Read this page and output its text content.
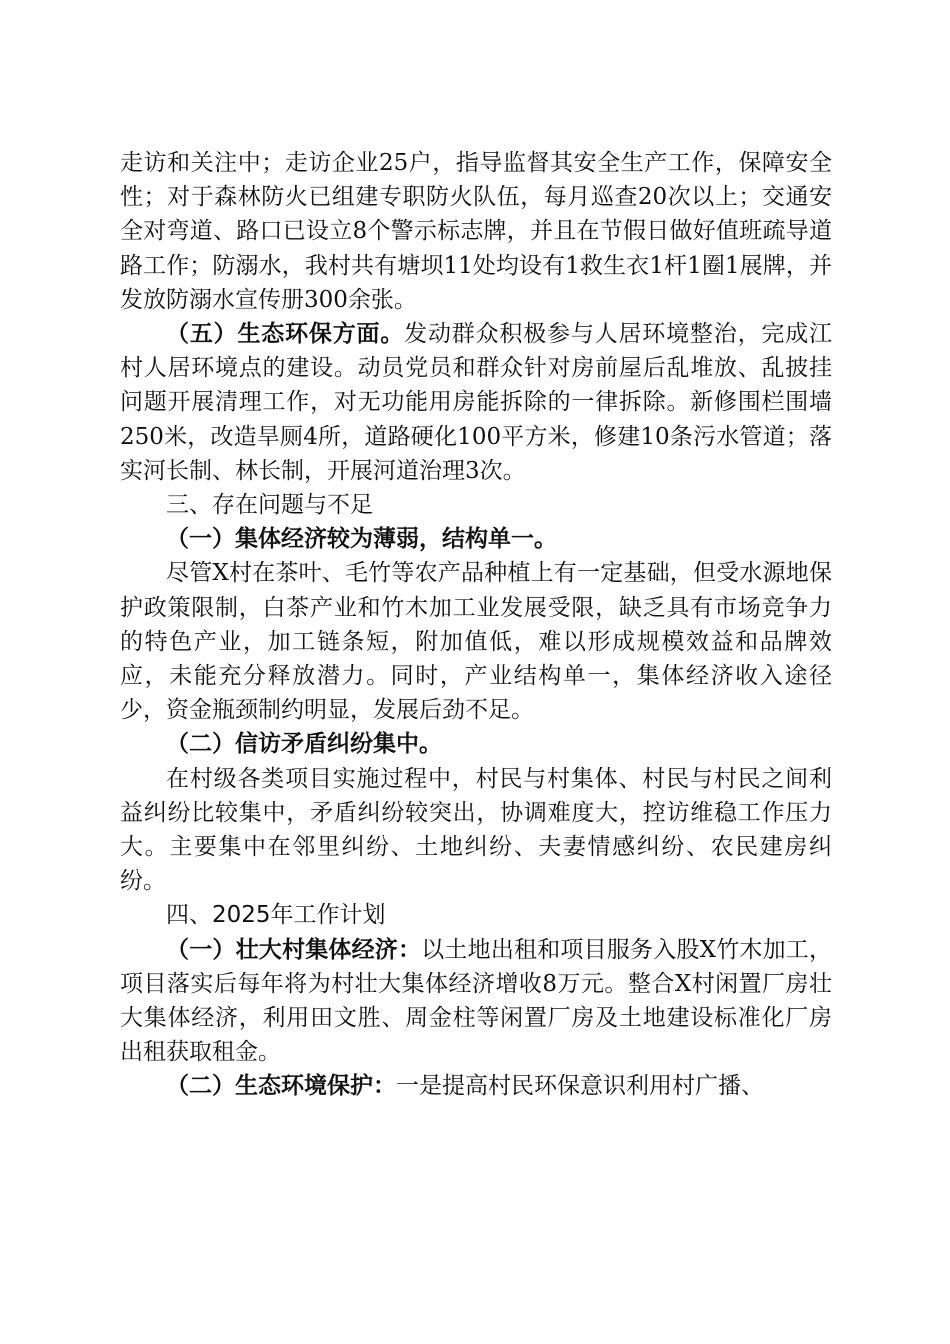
走访和关注中；走访企业25户，指导监督其安全生产工作，保障安全性；对于森林防火已组建专职防火队伍，每月巡查20次以上；交通安全对弯道、路口已设立8个警示标志牌，并且在节假日做好值班疏导道路工作；防溺水，我村共有塘坝11处均设有1救生衣1杆1圈1展牌，并发放防溺水宣传册300余张。

（五）生态环保方面。发动群众积极参与人居环境整治，完成江村人居环境点的建设。动员党员和群众针对房前屋后乱堆放、乱披挂问题开展清理工作，对无功能用房能拆除的一律拆除。新修围栏围墙250米，改造旱厕4所，道路硬化100平方米，修建10条污水管道；落实河长制、林长制，开展河道治理3次。

三、存在问题与不足

（一）集体经济较为薄弱，结构单一。

尽管X村在茶叶、毛竹等农产品种植上有一定基础，但受水源地保护政策限制，白茶产业和竹木加工业发展受限，缺乏具有市场竞争力的特色产业，加工链条短，附加值低，难以形成规模效益和品牌效应，未能充分释放潜力。同时，产业结构单一，集体经济收入途径少，资金瓶颈制约明显，发展后劲不足。

（二）信访矛盾纠纷集中。

在村级各类项目实施过程中，村民与村集体、村民与村民之间利益纠纷比较集中，矛盾纠纷较突出，协调难度大，控访维稳工作压力大。主要集中在邻里纠纷、土地纠纷、夫妻情感纠纷、农民建房纠纷。

四、2025年工作计划

（一）壮大村集体经济：以土地出租和项目服务入股X竹木加工，项目落实后每年将为村壮大集体经济增收8万元。整合X村闲置厂房壮大集体经济，利用田文胜、周金柱等闲置厂房及土地建设标准化厂房出租获取租金。

（二）生态环境保护：一是提高村民环保意识利用村广播、
